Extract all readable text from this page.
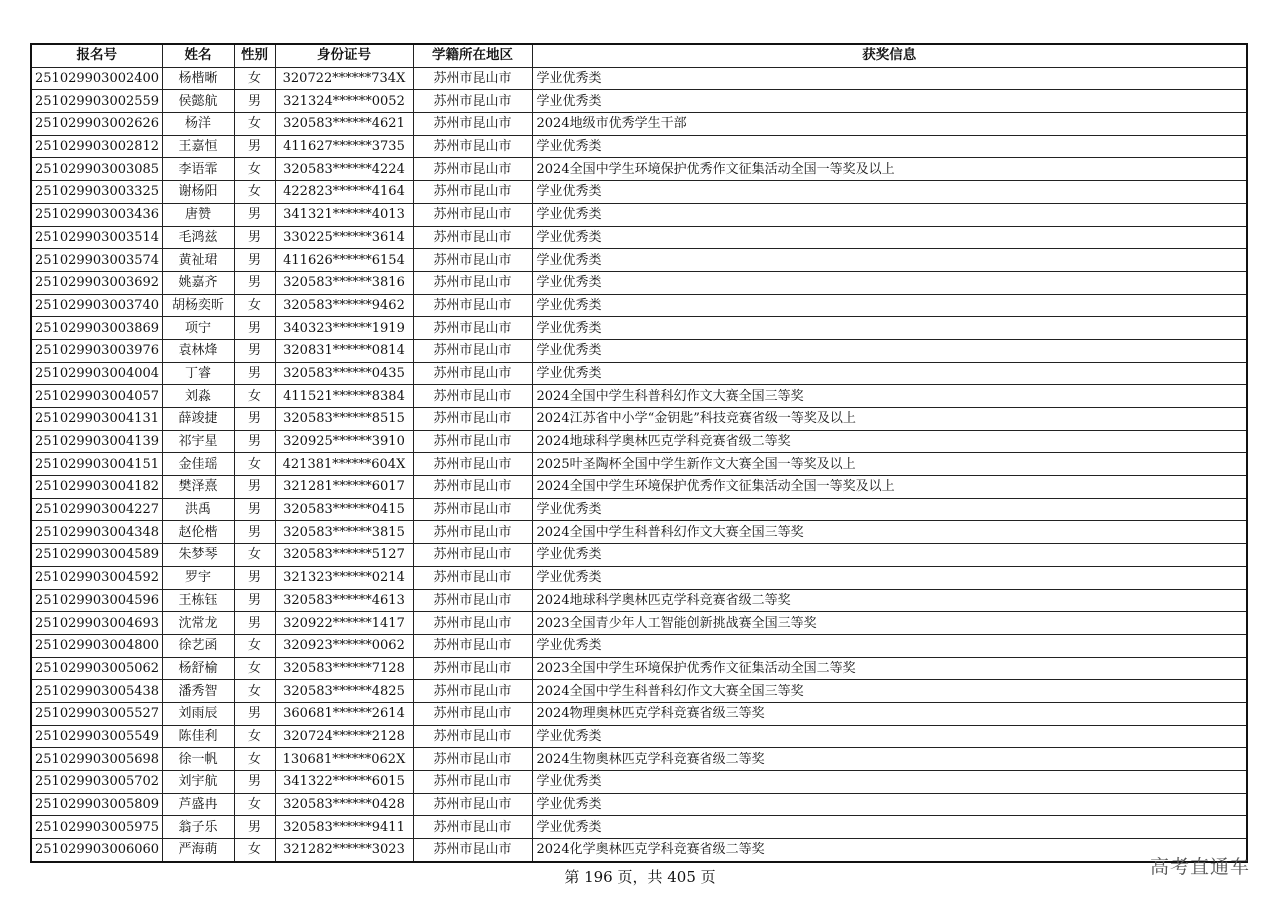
报名号	姓名	性别	身份证号	学籍所在地区	获奖信息
251029903002400	杨楷晰	女	320722******734X	苏州市昆山市	学业优秀类
251029903002559	侯懿航	男	321324******0052	苏州市昆山市	学业优秀类
251029903002626	杨洋	女	320583******4621	苏州市昆山市	2024地级市优秀学生干部
251029903002812	王嘉恒	男	411627******3735	苏州市昆山市	学业优秀类
251029903003085	李语霏	女	320583******4224	苏州市昆山市	2024全国中学生环境保护优秀作文征集活动全国一等奖及以上
251029903003325	谢杨阳	女	422823******4164	苏州市昆山市	学业优秀类
251029903003436	唐赞	男	341321******4013	苏州市昆山市	学业优秀类
251029903003514	毛鸿兹	男	330225******3614	苏州市昆山市	学业优秀类
251029903003574	黄祉珺	男	411626******6154	苏州市昆山市	学业优秀类
251029903003692	姚嘉齐	男	320583******3816	苏州市昆山市	学业优秀类
251029903003740	胡杨奕昕	女	320583******9462	苏州市昆山市	学业优秀类
251029903003869	项宁	男	340323******1919	苏州市昆山市	学业优秀类
251029903003976	袁林烽	男	320831******0814	苏州市昆山市	学业优秀类
251029903004004	丁睿	男	320583******0435	苏州市昆山市	学业优秀类
251029903004057	刘淼	女	411521******8384	苏州市昆山市	2024全国中学生科普科幻作文大赛全国三等奖
251029903004131	薛竣捷	男	320583******8515	苏州市昆山市	2024江苏省中小学“金钥匙”科技竞赛省级一等奖及以上
251029903004139	祁宇星	男	320925******3910	苏州市昆山市	2024地球科学奥林匹克学科竞赛省级二等奖
251029903004151	金佳瑶	女	421381******604X	苏州市昆山市	2025叶圣陶杯全国中学生新作文大赛全国一等奖及以上
251029903004182	樊泽熹	男	321281******6017	苏州市昆山市	2024全国中学生环境保护优秀作文征集活动全国一等奖及以上
251029903004227	洪禹	男	320583******0415	苏州市昆山市	学业优秀类
251029903004348	赵伦楷	男	320583******3815	苏州市昆山市	2024全国中学生科普科幻作文大赛全国三等奖
251029903004589	朱梦琴	女	320583******5127	苏州市昆山市	学业优秀类
251029903004592	罗宇	男	321323******0214	苏州市昆山市	学业优秀类
251029903004596	王栋钰	男	320583******4613	苏州市昆山市	2024地球科学奥林匹克学科竞赛省级二等奖
251029903004693	沈常龙	男	320922******1417	苏州市昆山市	2023全国青少年人工智能创新挑战赛全国三等奖
251029903004800	徐艺函	女	320923******0062	苏州市昆山市	学业优秀类
251029903005062	杨舒榆	女	320583******7128	苏州市昆山市	2023全国中学生环境保护优秀作文征集活动全国二等奖
251029903005438	潘秀智	女	320583******4825	苏州市昆山市	2024全国中学生科普科幻作文大赛全国三等奖
251029903005527	刘雨辰	男	360681******2614	苏州市昆山市	2024物理奥林匹克学科竞赛省级三等奖
251029903005549	陈佳利	女	320724******2128	苏州市昆山市	学业优秀类
251029903005698	徐一帆	女	130681******062X	苏州市昆山市	2024生物奥林匹克学科竞赛省级二等奖
251029903005702	刘宇航	男	341322******6015	苏州市昆山市	学业优秀类
251029903005809	芦盛冉	女	320583******0428	苏州市昆山市	学业优秀类
251029903005975	翁子乐	男	320583******9411	苏州市昆山市	学业优秀类
251029903006060	严海萌	女	321282******3023	苏州市昆山市	2024化学奥林匹克学科竞赛省级二等奖
第 196 页，共 405 页	高考直通车
